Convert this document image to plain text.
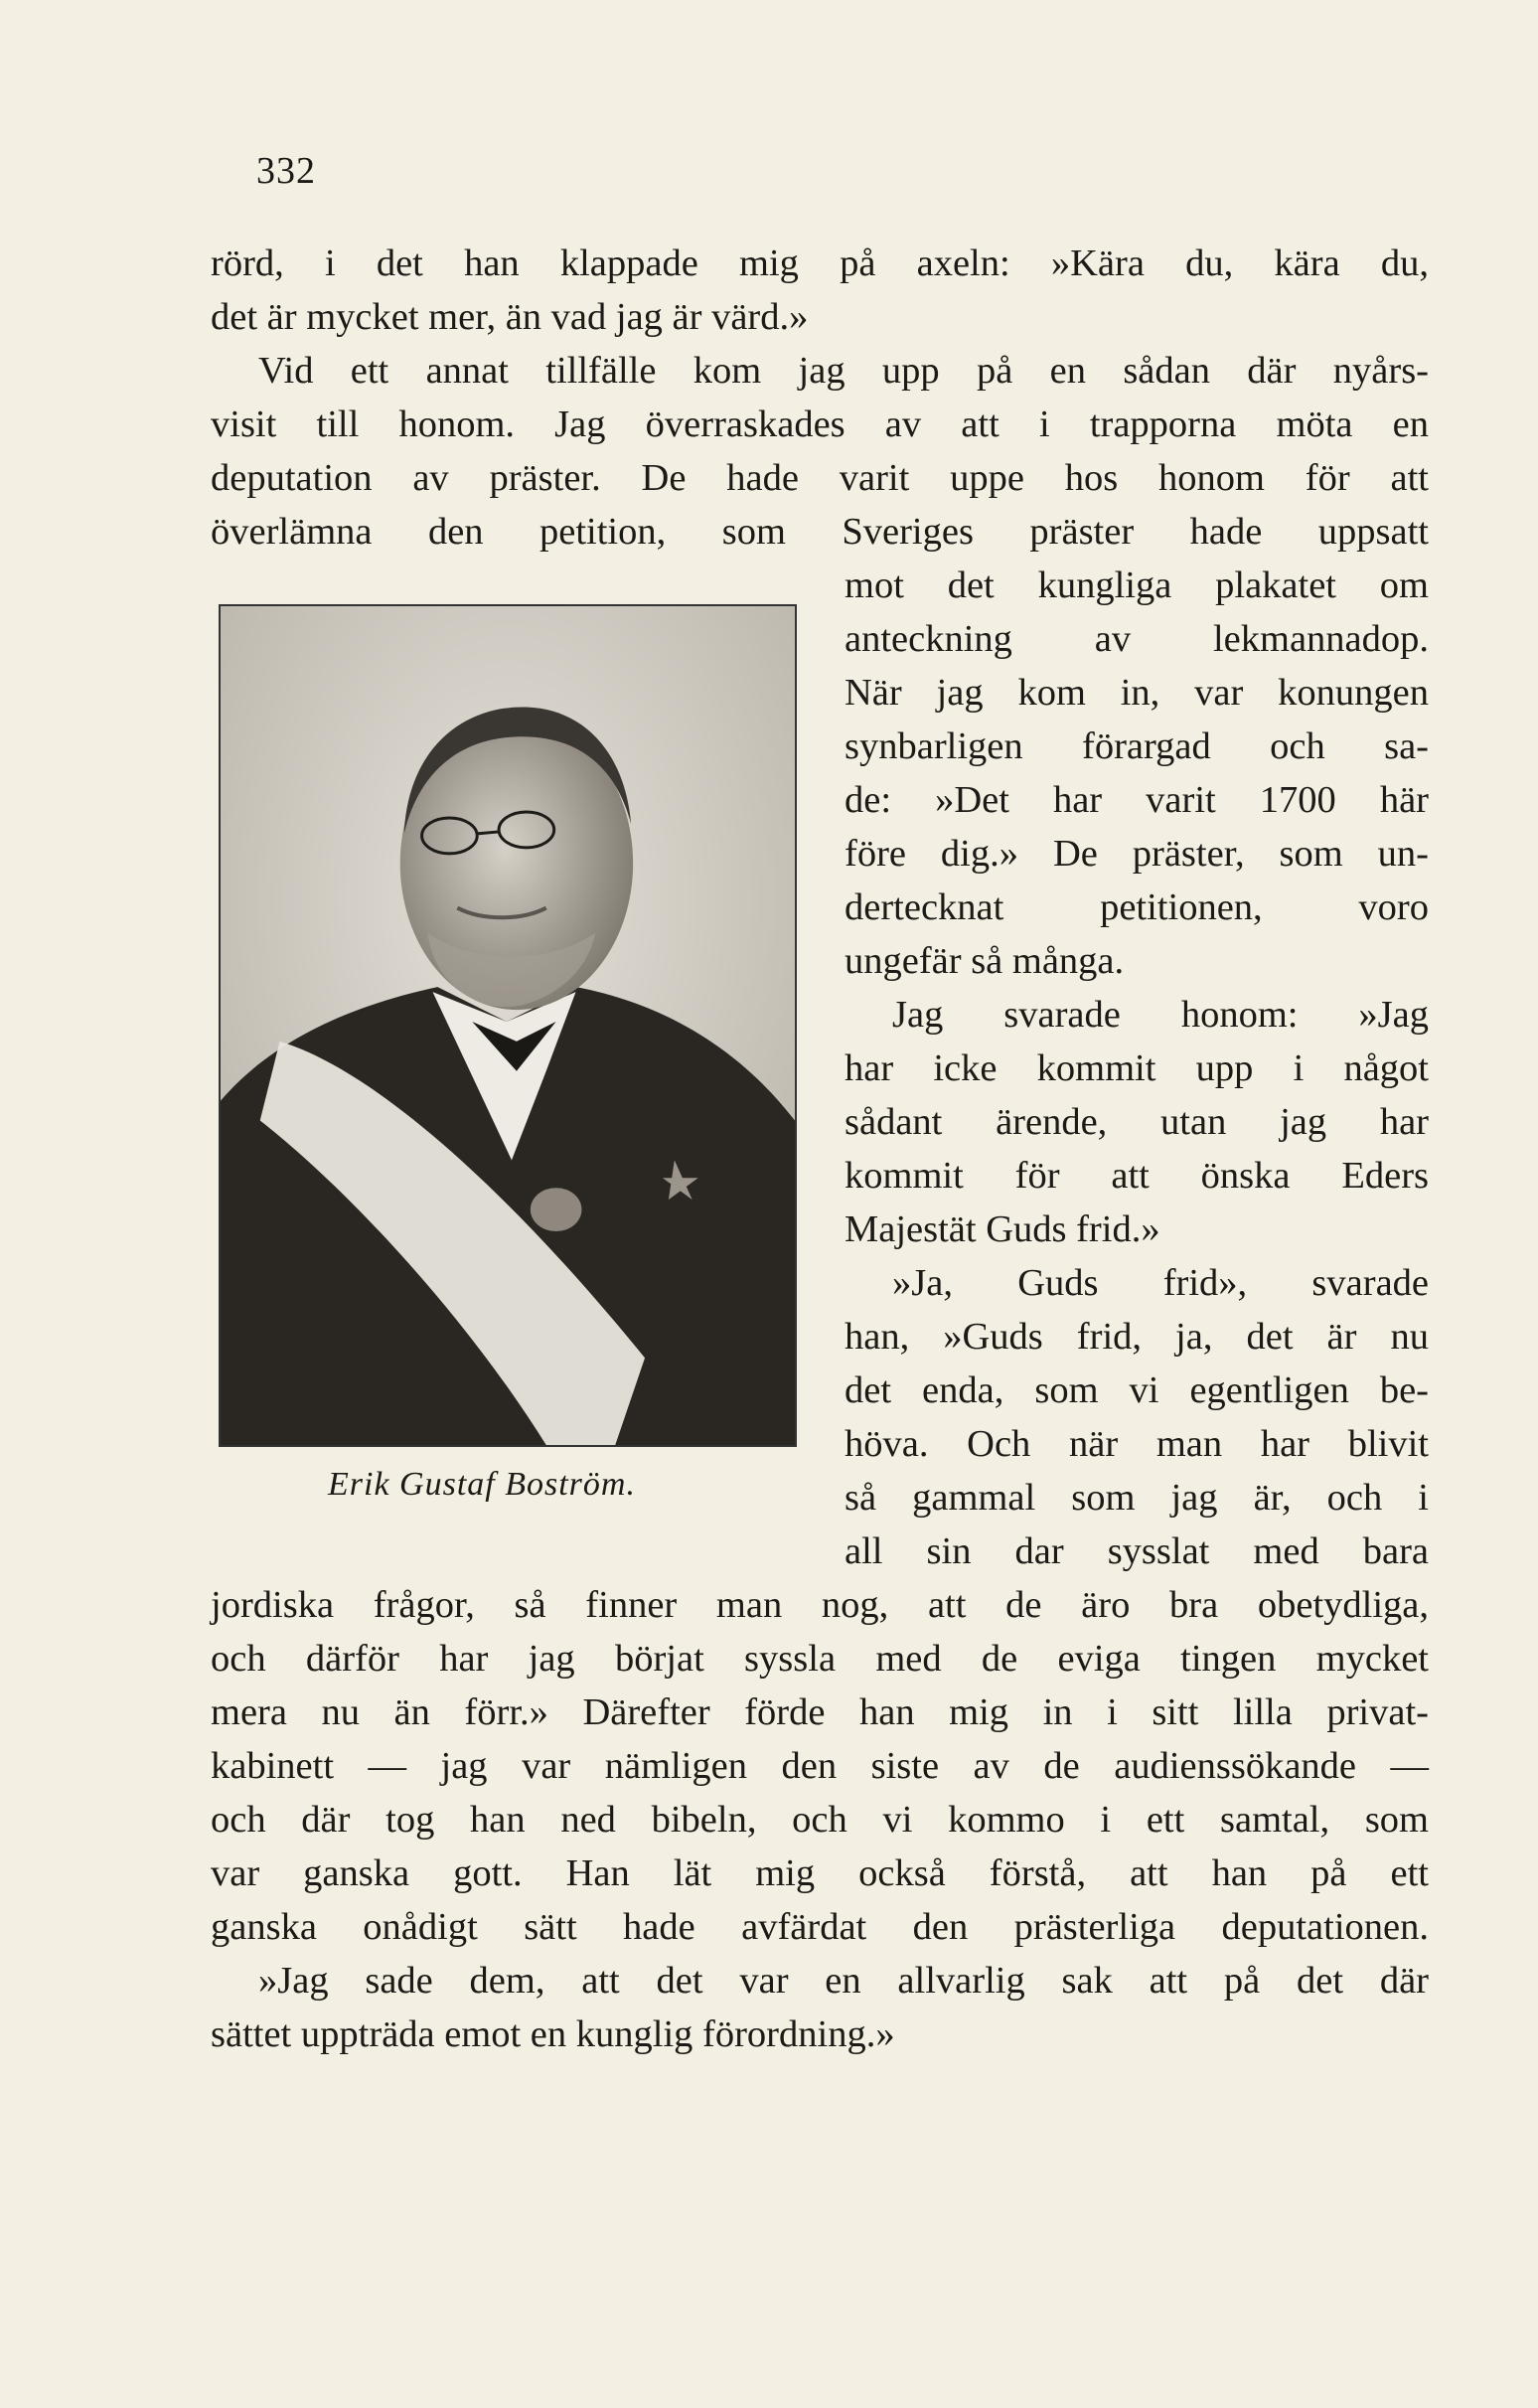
332
rörd, i det han klappade mig på axeln: »Kära du, kära du,
det är mycket mer, än vad jag är värd.»
Vid ett annat tillfälle kom jag upp på en sådan där nyårs-
visit till honom. Jag överraskades av att i trapporna möta en
deputation av präster. De hade varit uppe hos honom för att
överlämna den petition, som Sveriges präster hade uppsatt
mot det kungliga plakatet om
anteckning av lekmannadop.
När jag kom in, var konungen
synbarligen förargad och sa-
de: »Det har varit 1700 här
före dig.» De präster, som un-
dertecknat petitionen, voro
ungefär så många.
Jag svarade honom: »Jag
har icke kommit upp i något
sådant ärende, utan jag har
kommit för att önska Eders
Majestät Guds frid.»
»Ja, Guds frid», svarade
han, »Guds frid, ja, det är nu
det enda, som vi egentligen be-
höva. Och när man har blivit
så gammal som jag är, och i
all sin dar sysslat med bara
jordiska frågor, så finner man nog, att de äro bra obetydliga,
och därför har jag börjat syssla med de eviga tingen mycket
mera nu än förr.» Därefter förde han mig in i sitt lilla privat-
kabinett — jag var nämligen den siste av de audienssökande —
och där tog han ned bibeln, och vi kommo i ett samtal, som
var ganska gott. Han lät mig också förstå, att han på ett
ganska onådigt sätt hade avfärdat den prästerliga deputationen.
»Jag sade dem, att det var en allvarlig sak att på det där
sättet uppträda emot en kunglig förordning.»
Erik Gustaf Boström.
